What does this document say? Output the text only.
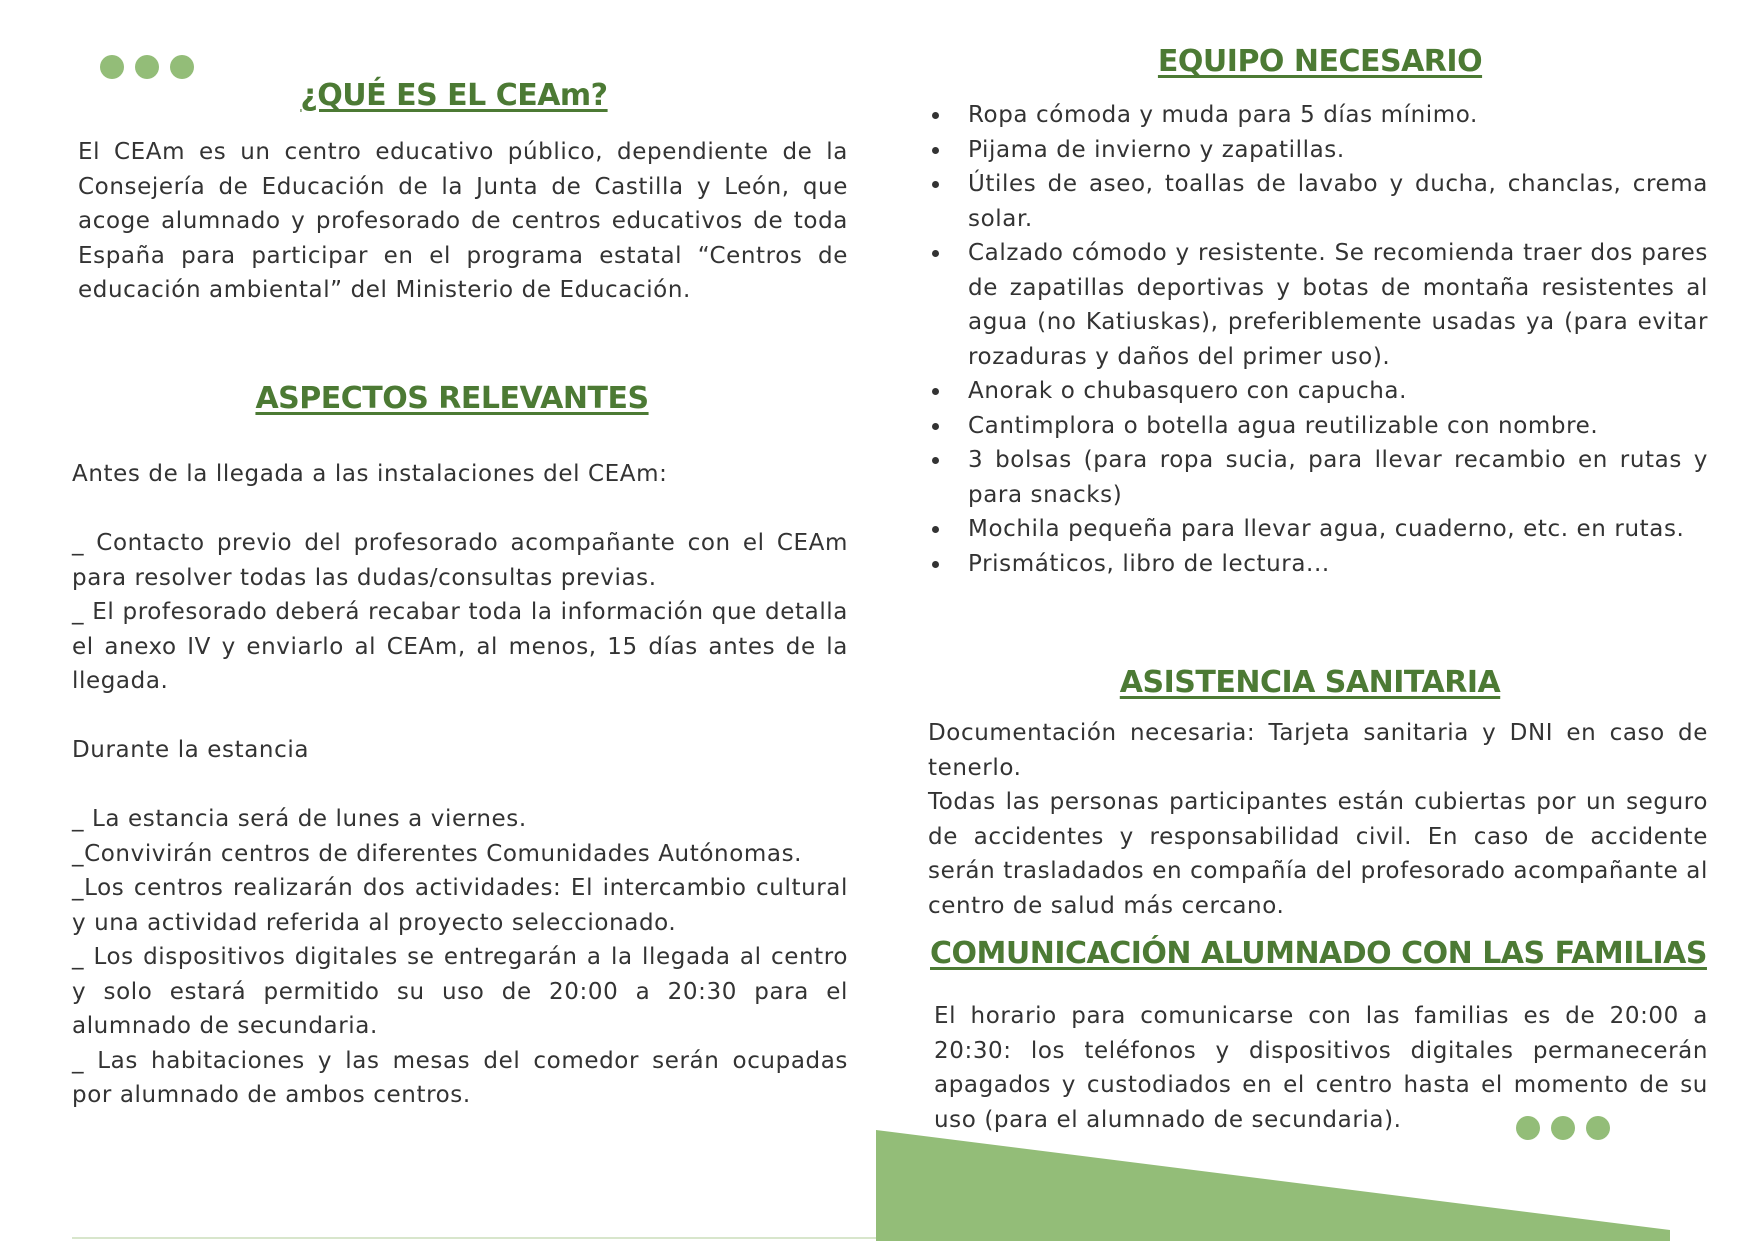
¿QUÉ ES EL CEAm?

El CEAm es un centro educativo público, dependiente de la Consejería de Educación de la Junta de Castilla y León, que acoge alumnado y profesorado de centros educativos de toda España para participar en el programa estatal “Centros de educación ambiental” del Ministerio de Educación.

ASPECTOS RELEVANTES

Antes de la llegada a las instalaciones del CEAm:

_ Contacto previo del profesorado acompañante con el CEAm para resolver todas las dudas/consultas previas.

_ El profesorado deberá recabar toda la información que detalla el anexo IV y enviarlo al CEAm, al menos, 15 días antes de la llegada.

Durante la estancia

_ La estancia será de lunes a viernes.

_Convivirán centros de diferentes Comunidades Autónomas.

_Los centros realizarán dos actividades: El intercambio cultural y una actividad referida al proyecto seleccionado.

_ Los dispositivos digitales se entregarán a la llegada al centro y solo estará permitido su uso de 20:00 a 20:30 para el alumnado de secundaria.

_ Las habitaciones y las mesas del comedor serán ocupadas por alumnado de ambos centros.

EQUIPO NECESARIO
Ropa cómoda y muda para 5 días mínimo.
Pijama de invierno y zapatillas.
Útiles de aseo, toallas de lavabo y ducha, chanclas, crema solar.
Calzado cómodo y resistente. Se recomienda traer dos pares de zapatillas deportivas y botas de montaña resistentes al agua (no Katiuskas), preferiblemente usadas ya (para evitar rozaduras y daños del primer uso).
Anorak o chubasquero con capucha.
Cantimplora o botella agua reutilizable con nombre.
3 bolsas (para ropa sucia, para llevar recambio en rutas y para snacks)
Mochila pequeña para llevar agua, cuaderno, etc. en rutas.
Prismáticos, libro de lectura...
ASISTENCIA SANITARIA

Documentación necesaria: Tarjeta sanitaria y DNI en caso de tenerlo.

Todas las personas participantes están cubiertas por un seguro de accidentes y responsabilidad civil. En caso de accidente serán trasladados en compañía del profesorado acompañante al centro de salud más cercano.

COMUNICACIÓN ALUMNADO CON LAS FAMILIAS

El horario para comunicarse con las familias es de 20:00 a 20:30: los teléfonos y dispositivos digitales permanecerán apagados y custodiados en el centro hasta el momento de su uso (para el alumnado de secundaria).
